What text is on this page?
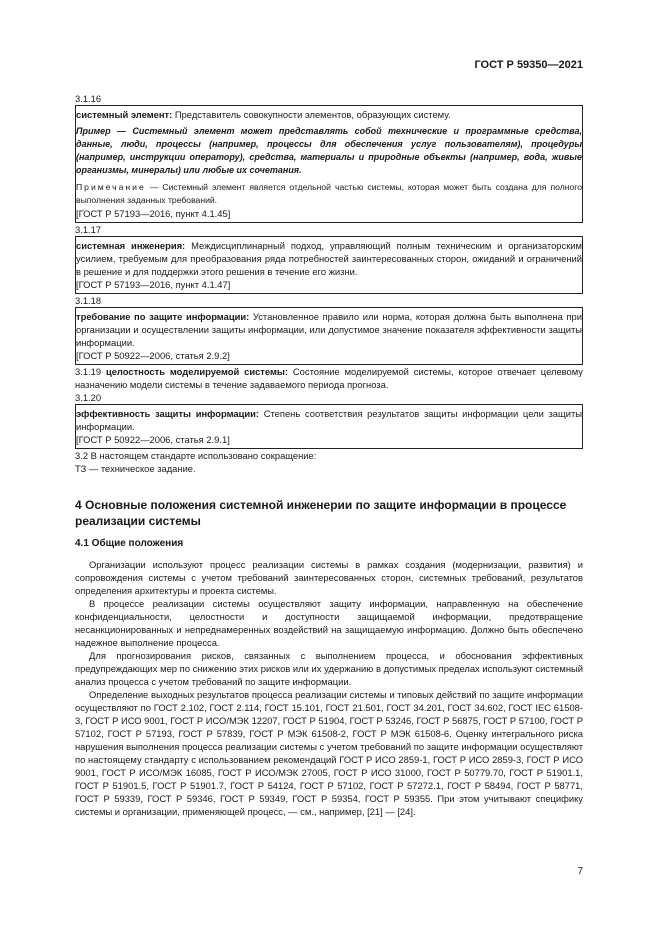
ГОСТ Р 59350—2021

3.1.16

системный элемент: Представитель совокупности элементов, образующих систему.

Пример — Системный элемент может представлять собой технические и программные средства, данные, люди, процессы (например, процессы для обеспечения услуг пользователям), процедуры (например, инструкции оператору), средства, материалы и природные объекты (например, вода, живые организмы, минералы) или любые их сочетания.

Примечание — Системный элемент является отдельной частью системы, которая может быть создана для полного выполнения заданных требований.

[ГОСТ Р 57193—2016, пункт 4.1.45]

3.1.17

системная инженерия: Междисциплинарный подход, управляющий полным техническим и организаторским усилием, требуемым для преобразования ряда потребностей заинтересованных сторон, ожиданий и ограничений в решение и для поддержки этого решения в течение его жизни.

[ГОСТ Р 57193—2016, пункт 4.1.47]

3.1.18

требование по защите информации: Установленное правило или норма, которая должна быть выполнена при организации и осуществлении защиты информации, или допустимое значение показателя эффективности защиты информации.

[ГОСТ Р 50922—2006, статья 2.9.2]

3.1.19 целостность моделируемой системы: Состояние моделируемой системы, которое отвечает целевому назначению модели системы в течение задаваемого периода прогноза.

3.1.20

эффективность защиты информации: Степень соответствия результатов защиты информации цели защиты информации.

[ГОСТ Р 50922—2006, статья 2.9.1]

3.2 В настоящем стандарте использовано сокращение:

ТЗ — техническое задание.

4 Основные положения системной инженерии по защите информации в процессе реализации системы
4.1 Общие положения

Организации используют процесс реализации системы в рамках создания (модернизации, развития) и сопровождения системы с учетом требований заинтересованных сторон, системных требований, результатов определения архитектуры и проекта системы.

В процессе реализации системы осуществляют защиту информации, направленную на обеспечение конфиденциальности, целостности и доступности защищаемой информации, предотвращение несанкционированных и непреднамеренных воздействий на защищаемую информацию. Должно быть обеспечено надежное выполнение процесса.

Для прогнозирования рисков, связанных с выполнением процесса, и обоснования эффективных предупреждающих мер по снижению этих рисков или их удержанию в допустимых пределах используют системный анализ процесса с учетом требований по защите информации.

Определение выходных результатов процесса реализации системы и типовых действий по защите информации осуществляют по ГОСТ 2.102, ГОСТ 2.114, ГОСТ 15.101, ГОСТ 21.501, ГОСТ 34.201, ГОСТ 34.602, ГОСТ IEC 61508-3, ГОСТ Р ИСО 9001, ГОСТ Р ИСО/МЭК 12207, ГОСТ Р 51904, ГОСТ Р 53246, ГОСТ Р 56875, ГОСТ Р 57100, ГОСТ Р 57102, ГОСТ Р 57193, ГОСТ Р 57839, ГОСТ Р МЭК 61508-2, ГОСТ Р МЭК 61508-6. Оценку интегрального риска нарушения выполнения процесса реализации системы с учетом требований по защите информации осуществляют по настоящему стандарту с использованием рекомендаций ГОСТ Р ИСО 2859-1, ГОСТ Р ИСО 2859-3, ГОСТ Р ИСО 9001, ГОСТ Р ИСО/МЭК 16085, ГОСТ Р ИСО/МЭК 27005, ГОСТ Р ИСО 31000, ГОСТ Р 50779.70, ГОСТ Р 51901.1, ГОСТ Р 51901.5, ГОСТ Р 51901.7, ГОСТ Р 54124, ГОСТ Р 57102, ГОСТ Р 57272.1, ГОСТ Р 58494, ГОСТ Р 58771, ГОСТ Р 59339, ГОСТ Р 59346, ГОСТ Р 59349, ГОСТ Р 59354, ГОСТ Р 59355. При этом учитывают специфику системы и организации, применяющей процесс, — см., например, [21] — [24].

7
